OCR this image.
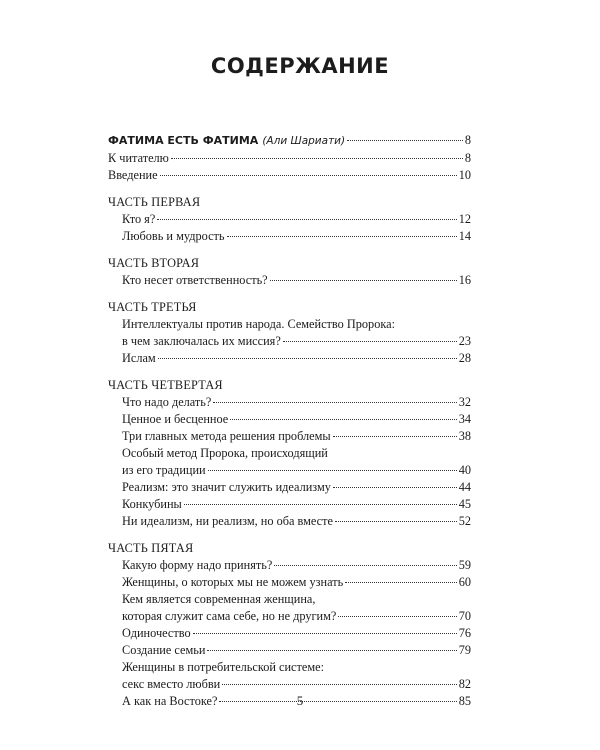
СОДЕРЖАНИЕ
ФАТИМА ЕСТЬ ФАТИМА (Али Шариати)	8
К читателю	8
Введение	10
ЧАСТЬ ПЕРВАЯ
Кто я?	12
Любовь и мудрость	14
ЧАСТЬ ВТОРАЯ
Кто несет ответственность?	16
ЧАСТЬ ТРЕТЬЯ
Интеллектуалы против народа. Семейство Пророка:
в чем заключалась их миссия?	23
Ислам	28
ЧАСТЬ ЧЕТВЕРТАЯ
Что надо делать?	32
Ценное и бесценное	34
Три главных метода решения проблемы	38
Особый метод Пророка, происходящий
из его традиции	40
Реализм: это значит служить идеализму	44
Конкубины	45
Ни идеализм, ни реализм, но оба вместе	52
ЧАСТЬ ПЯТАЯ
Какую форму надо принять?	59
Женщины, о которых мы не можем узнать	60
Кем является современная женщина,
которая служит сама себе, но не другим?	70
Одиночество	76
Создание семьи	79
Женщины в потребительской системе:
секс вместо любви	82
А как на Востоке?	85
5
